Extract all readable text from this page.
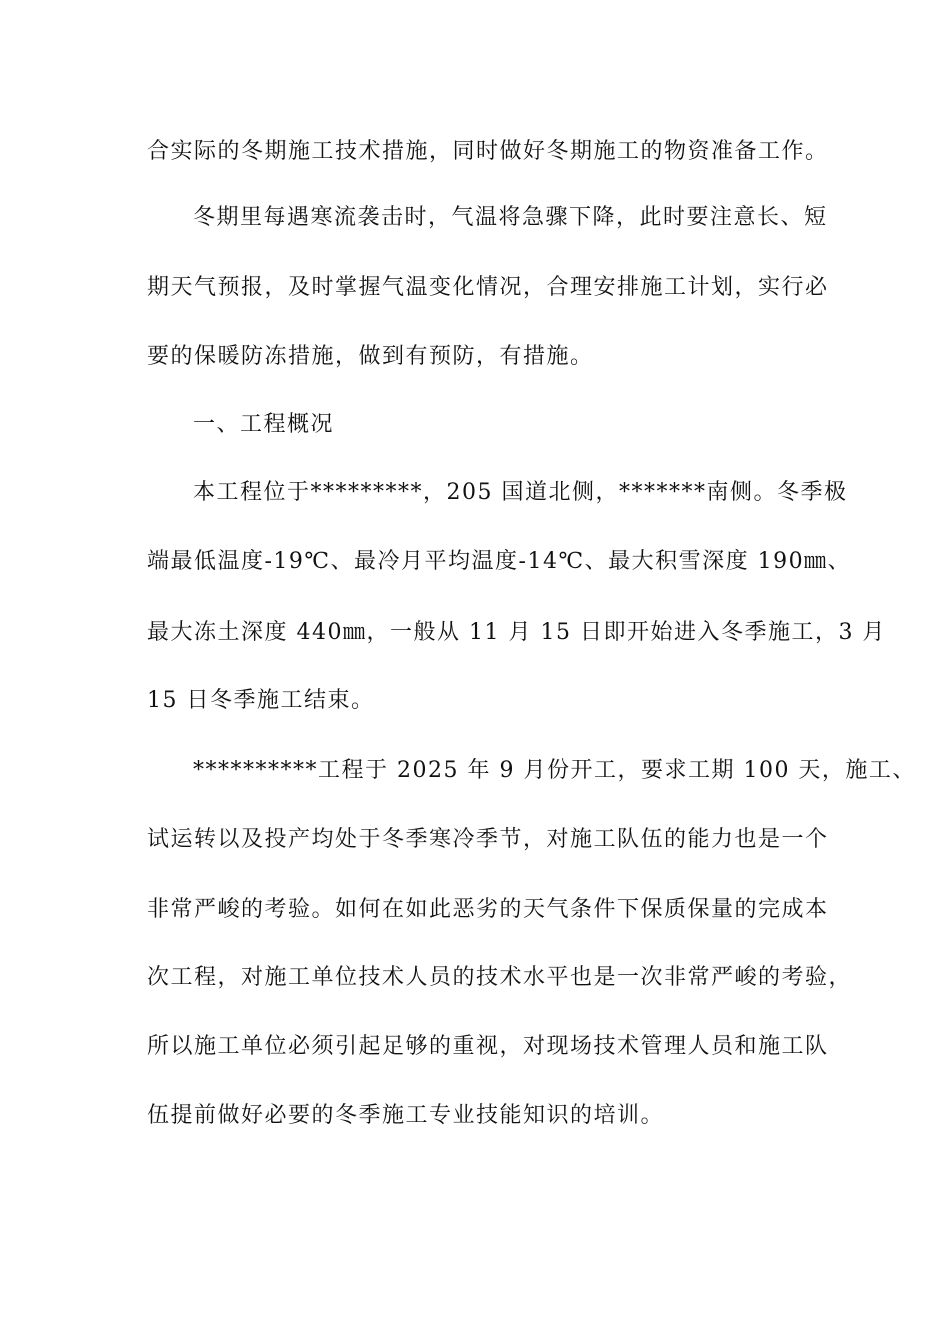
合实际的冬期施工技术措施，同时做好冬期施工的物资准备工作。
冬期里每遇寒流袭击时，气温将急骤下降，此时要注意长、短
期天气预报，及时掌握气温变化情况，合理安排施工计划，实行必
要的保暖防冻措施，做到有预防，有措施。
一、工程概况
本工程位于*********，205 国道北侧，*******南侧。冬季极
端最低温度-19℃、最冷月平均温度-14℃、最大积雪深度 190㎜、
最大冻土深度 440㎜，一般从 11 月 15 日即开始进入冬季施工，3 月
15 日冬季施工结束。
**********工程于 2025 年 9 月份开工，要求工期 100 天，施工、
试运转以及投产均处于冬季寒冷季节，对施工队伍的能力也是一个
非常严峻的考验。如何在如此恶劣的天气条件下保质保量的完成本
次工程，对施工单位技术人员的技术水平也是一次非常严峻的考验，
所以施工单位必须引起足够的重视，对现场技术管理人员和施工队
伍提前做好必要的冬季施工专业技能知识的培训。
